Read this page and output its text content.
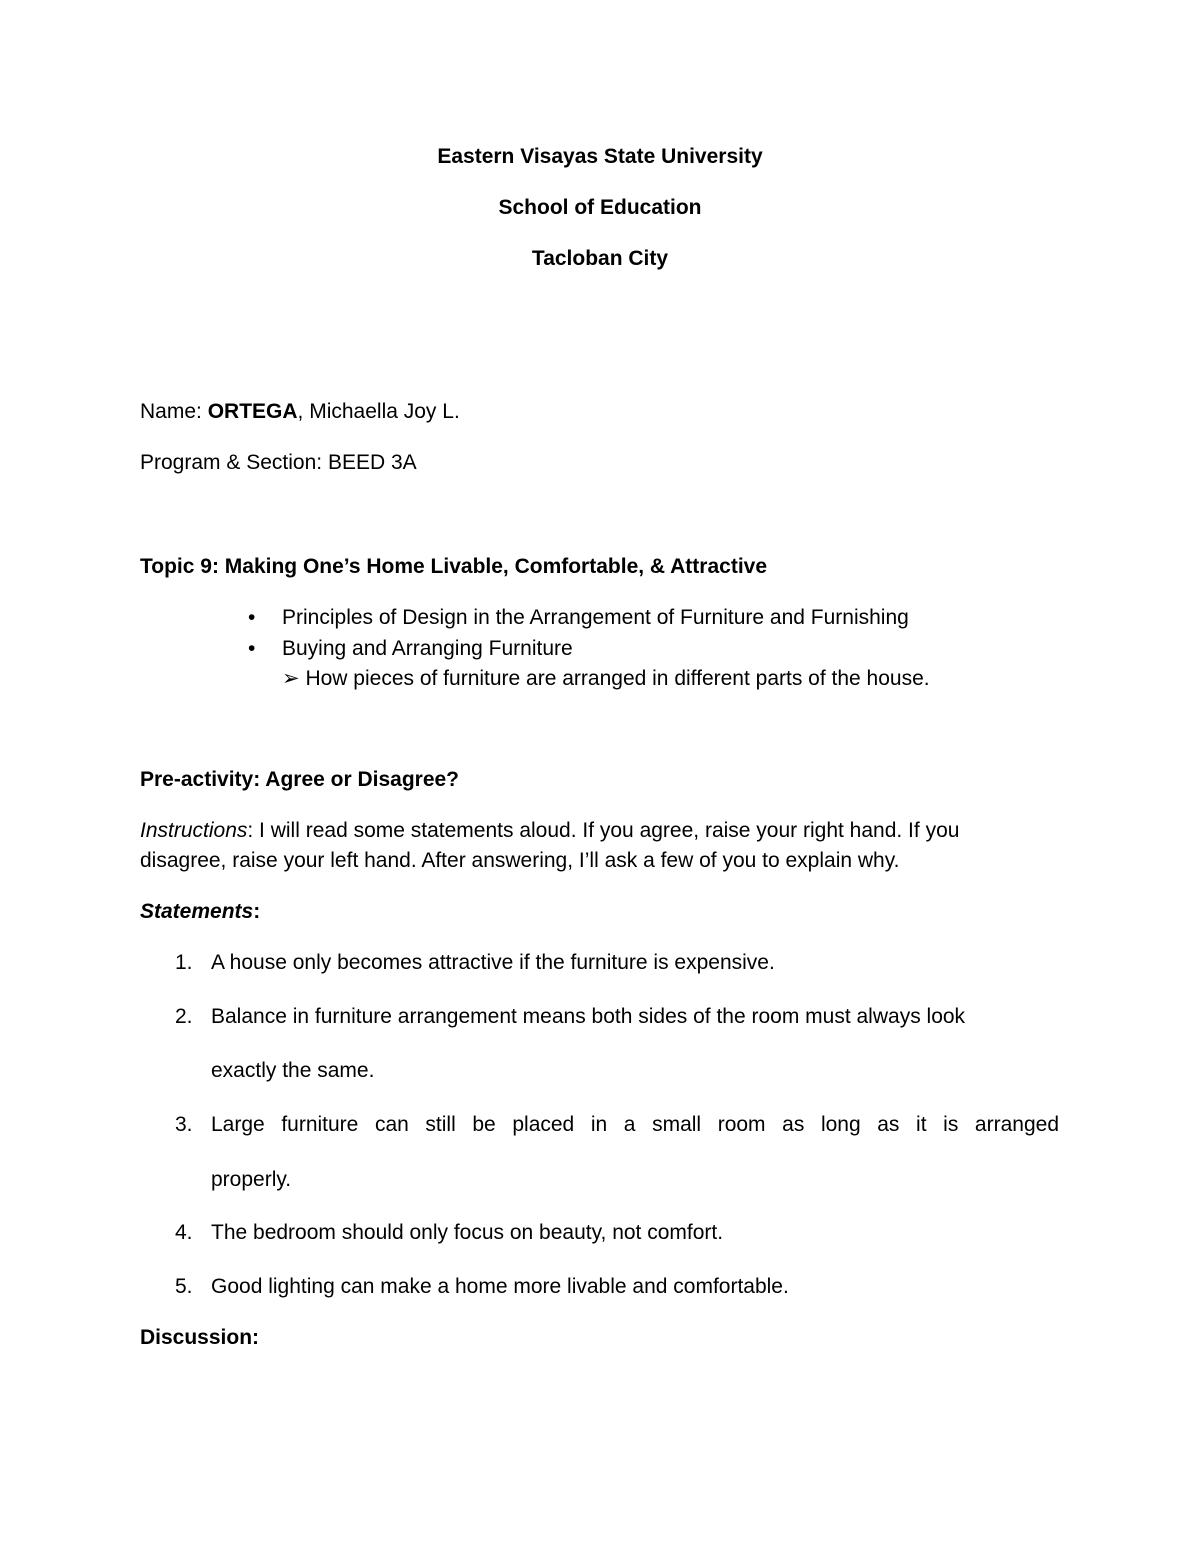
Eastern Visayas State University
School of Education
Tacloban City
Name: ORTEGA, Michaella Joy L.
Program & Section: BEED 3A
Topic 9: Making One’s Home Livable, Comfortable, & Attractive
• Principles of Design in the Arrangement of Furniture and Furnishing
• Buying and Arranging Furniture
➢ How pieces of furniture are arranged in different parts of the house.
Pre-activity: Agree or Disagree?
Instructions: I will read some statements aloud. If you agree, raise your right hand. If you
disagree, raise your left hand. After answering, I’ll ask a few of you to explain why.
Statements:
1. A house only becomes attractive if the furniture is expensive.
2. Balance in furniture arrangement means both sides of the room must always look
exactly the same.
3. Large furniture can still be placed in a small room as long as it is arranged
properly.
4. The bedroom should only focus on beauty, not comfort.
5. Good lighting can make a home more livable and comfortable.
Discussion:
